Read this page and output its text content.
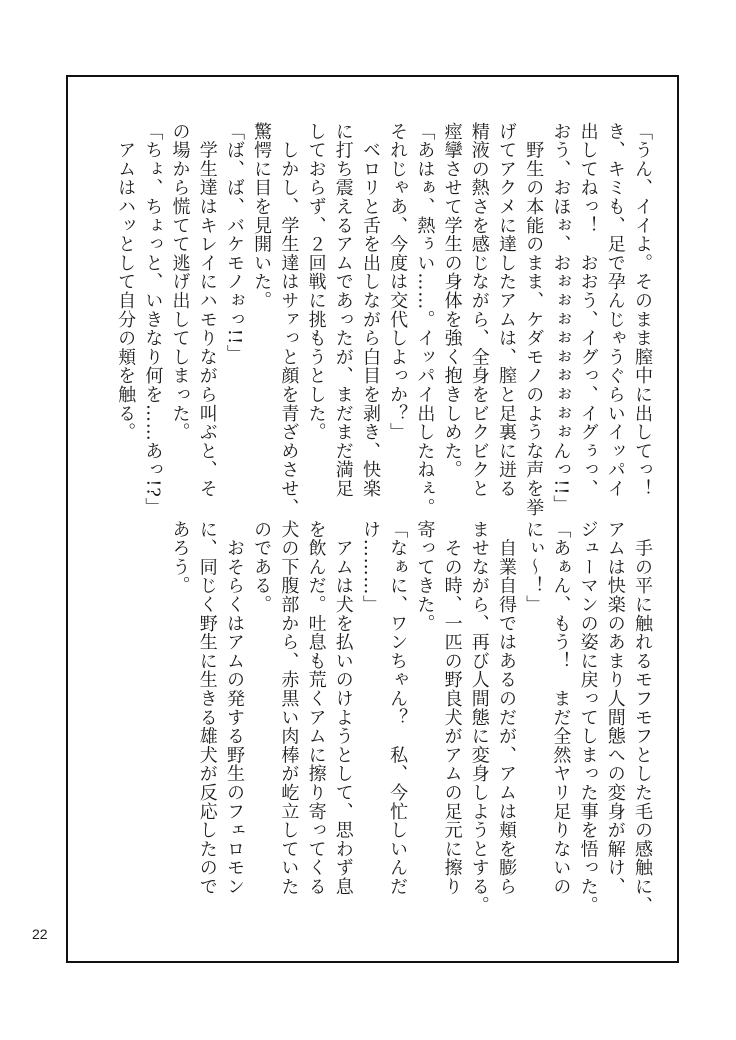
「うん、イイよ。そのまま膣中に出してっ！
き、キミも、足で孕んじゃうぐらいイッパイ
出してねっ！　おおう、イグっ、イグぅっ、
おう、おほぉ、おぉぉぉぉぉぉぉぉぉんっ!!」
　野生の本能のまま、ケダモノのような声を挙
げてアクメに達したアムは、膣と足裏に迸る
精液の熱さを感じながら、全身をビクビクと
痙攣させて学生の身体を強く抱きしめた。
「あはぁ、熱ぅい……。イッパイ出したねぇ。
それじゃあ、今度は交代しよっか？」
　ベロリと舌を出しながら白目を剥き、快楽
に打ち震えるアムであったが、まだまだ満足
しておらず、２回戦に挑もうとした。
　しかし、学生達はサァっと顔を青ざめさせ、
驚愕に目を見開いた。
「ば、ば、バケモノぉっ!!」
　学生達はキレイにハモりながら叫ぶと、そ
の場から慌てて逃げ出してしまった。
「ちょ、ちょっと、いきなり何を……あっ!?」
　アムはハッとして自分の頬を触る。
　手の平に触れるモフモフとした毛の感触に、
アムは快楽のあまり人間態への変身が解け、
ジューマンの姿に戻ってしまった事を悟った。
「あぁん、もう！　まだ全然ヤリ足りないの
にぃ～！」
　自業自得ではあるのだが、アムは頬を膨ら
ませながら、再び人間態に変身しようとする。
　その時、一匹の野良犬がアムの足元に擦り
寄ってきた。
「なぁに、ワンちゃん？　私、今忙しいんだ
け………」
　アムは犬を払いのけようとして、思わず息
を飲んだ。吐息も荒くアムに擦り寄ってくる
犬の下腹部から、赤黒い肉棒が屹立していた
のである。
　おそらくはアムの発する野生のフェロモン
に、同じく野生に生きる雄犬が反応したので
あろう。
22
